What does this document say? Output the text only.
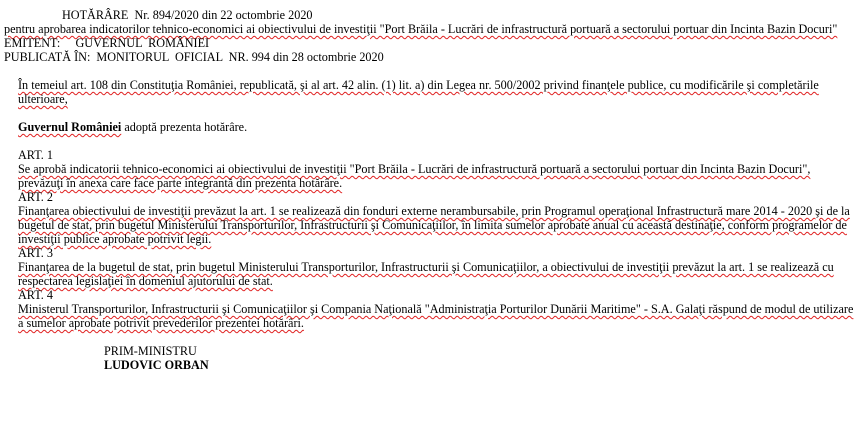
HOTĂRÂRE  Nr. 894/2020 din 22 octombrie 2020
pentru aprobarea indicatorilor tehnico-economici ai obiectivului de investiţii "Port Brăila - Lucrări de infrastructură portuară a sectorului portuar din Incinta Bazin Docuri"
EMITENT:     GUVERNUL  ROMÂNIEI
PUBLICATĂ ÎN:  MONITORUL  OFICIAL  NR. 994 din 28 octombrie 2020
În temeiul art. 108 din Constituţia României, republicată, şi al art. 42 alin. (1) lit. a) din Legea nr. 500/2002 privind finanţele publice, cu modificările şi completările ulterioare,
Guvernul României adoptă prezenta hotărâre.
ART. 1
Se aprobă indicatorii tehnico-economici ai obiectivului de investiţii "Port Brăila - Lucrări de infrastructură portuară a sectorului portuar din Incinta Bazin Docuri", prevăzuţi în anexa care face parte integrantă din prezenta hotărâre.
ART. 2
Finanţarea obiectivului de investiţii prevăzut la art. 1 se realizează din fonduri externe nerambursabile, prin Programul operaţional Infrastructură mare 2014 - 2020 şi de la bugetul de stat, prin bugetul Ministerului Transporturilor, Infrastructurii şi Comunicaţiilor, în limita sumelor aprobate anual cu această destinaţie, conform programelor de investiţii publice aprobate potrivit legii.
ART. 3
Finanţarea de la bugetul de stat, prin bugetul Ministerului Transporturilor, Infrastructurii şi Comunicaţiilor, a obiectivului de investiţii prevăzut la art. 1 se realizează cu respectarea legislaţiei în domeniul ajutorului de stat.
ART. 4
Ministerul Transporturilor, Infrastructurii şi Comunicaţiilor şi Compania Naţională "Administraţia Porturilor Dunării Maritime" - S.A. Galaţi răspund de modul de utilizare a sumelor aprobate potrivit prevederilor prezentei hotărâri.
PRIM-MINISTRU
LUDOVIC ORBAN
